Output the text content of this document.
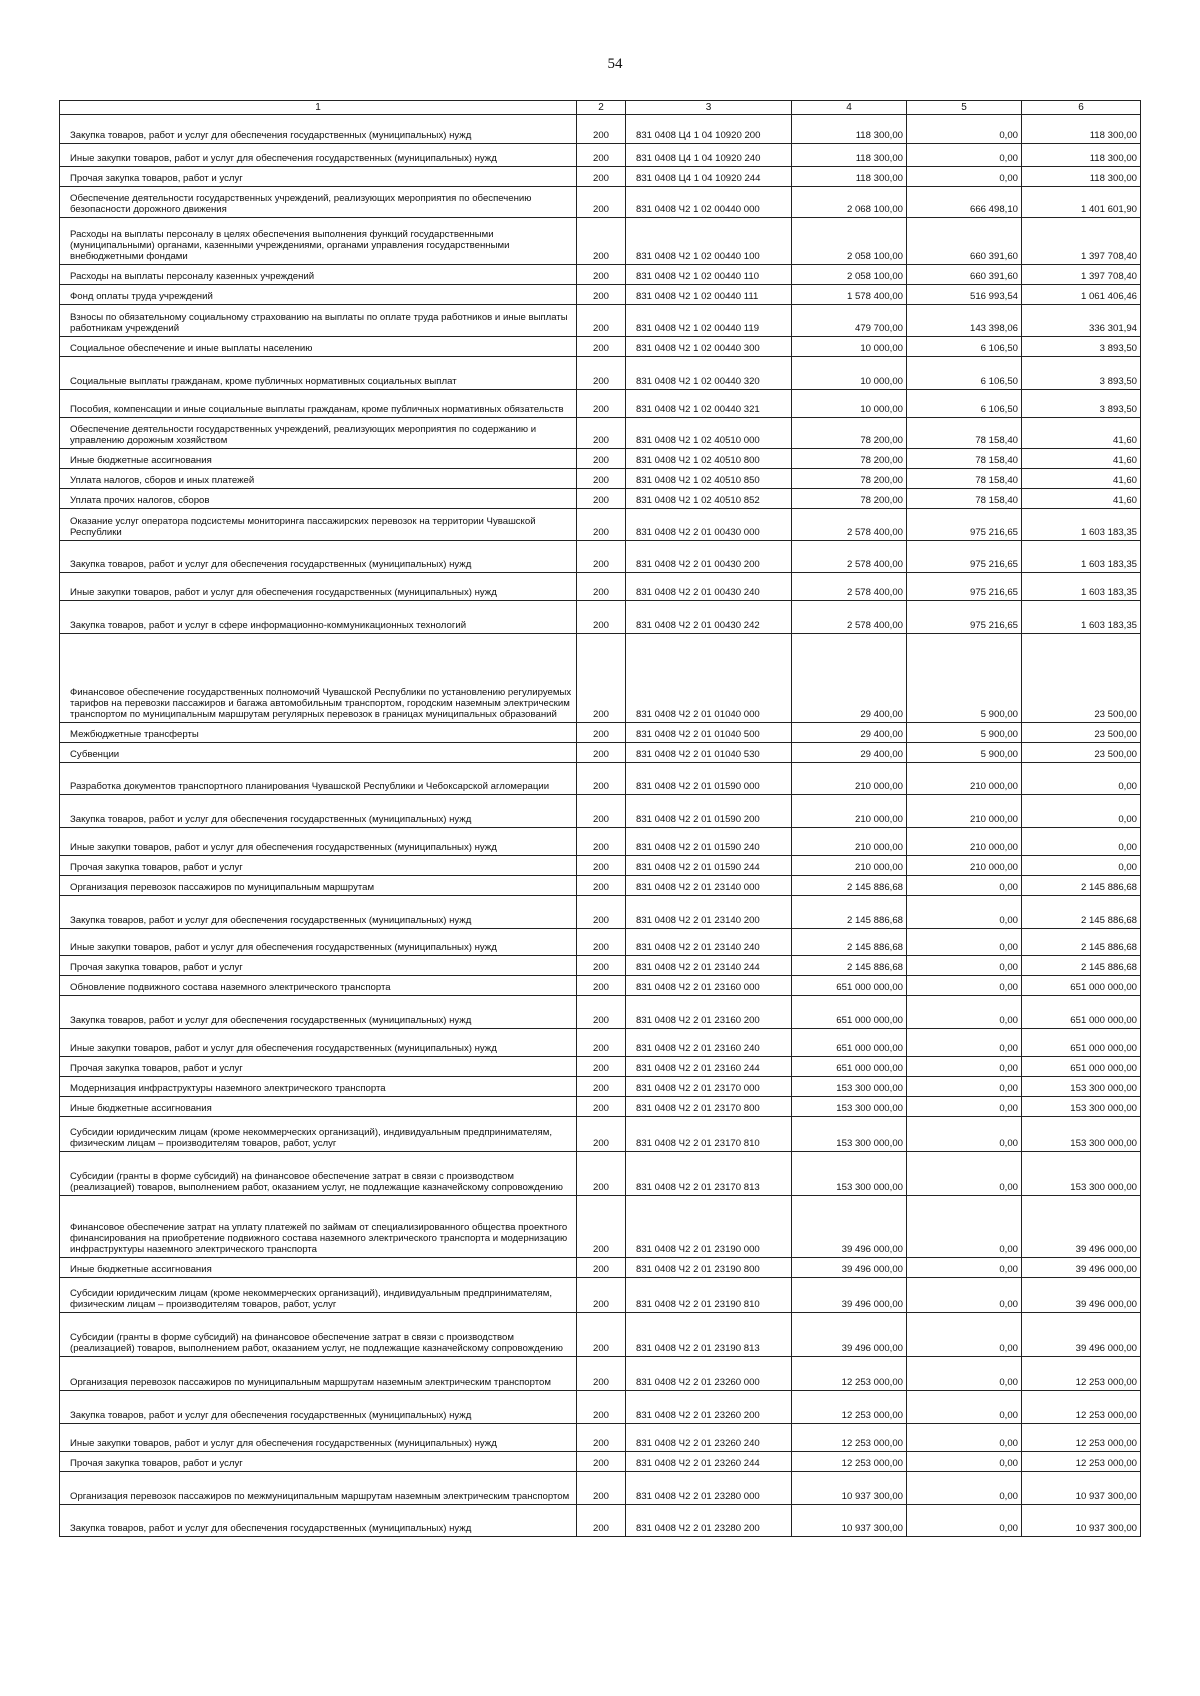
54
1	2	3	4	5	6
Закупка товаров, работ и услуг для обеспечения государственных (муниципальных) нужд	200	831 0408 Ц4 1 04 10920 200	118 300,00	0,00	118 300,00
Иные закупки товаров, работ и услуг для обеспечения государственных (муниципальных) нужд	200	831 0408 Ц4 1 04 10920 240	118 300,00	0,00	118 300,00
Прочая закупка товаров, работ и услуг	200	831 0408 Ц4 1 04 10920 244	118 300,00	0,00	118 300,00
Обеспечение деятельности государственных учреждений, реализующих мероприятия по обеспечению безопасности дорожного движения	200	831 0408 Ч2 1 02 00440 000	2 068 100,00	666 498,10	1 401 601,90
Расходы на выплаты персоналу в целях обеспечения выполнения функций государственными (муниципальными) органами, казенными учреждениями, органами управления государственными внебюджетными фондами	200	831 0408 Ч2 1 02 00440 100	2 058 100,00	660 391,60	1 397 708,40
Расходы на выплаты персоналу казенных учреждений	200	831 0408 Ч2 1 02 00440 110	2 058 100,00	660 391,60	1 397 708,40
Фонд оплаты труда учреждений	200	831 0408 Ч2 1 02 00440 111	1 578 400,00	516 993,54	1 061 406,46
Взносы по обязательному социальному страхованию на выплаты по оплате труда работников и иные выплаты работникам учреждений	200	831 0408 Ч2 1 02 00440 119	479 700,00	143 398,06	336 301,94
Социальное обеспечение и иные выплаты населению	200	831 0408 Ч2 1 02 00440 300	10 000,00	6 106,50	3 893,50
Социальные выплаты гражданам, кроме публичных нормативных социальных выплат	200	831 0408 Ч2 1 02 00440 320	10 000,00	6 106,50	3 893,50
Пособия, компенсации и иные социальные выплаты гражданам, кроме публичных нормативных обязательств	200	831 0408 Ч2 1 02 00440 321	10 000,00	6 106,50	3 893,50
Обеспечение деятельности государственных учреждений, реализующих мероприятия по содержанию и управлению дорожным хозяйством	200	831 0408 Ч2 1 02 40510 000	78 200,00	78 158,40	41,60
Иные бюджетные ассигнования	200	831 0408 Ч2 1 02 40510 800	78 200,00	78 158,40	41,60
Уплата налогов, сборов и иных платежей	200	831 0408 Ч2 1 02 40510 850	78 200,00	78 158,40	41,60
Уплата прочих налогов, сборов	200	831 0408 Ч2 1 02 40510 852	78 200,00	78 158,40	41,60
Оказание услуг оператора подсистемы мониторинга пассажирских перевозок на территории Чувашской Республики	200	831 0408 Ч2 2 01 00430 000	2 578 400,00	975 216,65	1 603 183,35
Закупка товаров, работ и услуг для обеспечения государственных (муниципальных) нужд	200	831 0408 Ч2 2 01 00430 200	2 578 400,00	975 216,65	1 603 183,35
Иные закупки товаров, работ и услуг для обеспечения государственных (муниципальных) нужд	200	831 0408 Ч2 2 01 00430 240	2 578 400,00	975 216,65	1 603 183,35
Закупка товаров, работ и услуг в сфере информационно-коммуникационных технологий	200	831 0408 Ч2 2 01 00430 242	2 578 400,00	975 216,65	1 603 183,35
Финансовое обеспечение государственных полномочий Чувашской Республики по установлению регулируемых тарифов на перевозки пассажиров и багажа автомобильным транспортом, городским наземным электрическим транспортом по муниципальным маршрутам регулярных перевозок в границах муниципальных образований	200	831 0408 Ч2 2 01 01040 000	29 400,00	5 900,00	23 500,00
Межбюджетные трансферты	200	831 0408 Ч2 2 01 01040 500	29 400,00	5 900,00	23 500,00
Субвенции	200	831 0408 Ч2 2 01 01040 530	29 400,00	5 900,00	23 500,00
Разработка документов транспортного планирования Чувашской Республики и Чебоксарской агломерации	200	831 0408 Ч2 2 01 01590 000	210 000,00	210 000,00	0,00
Закупка товаров, работ и услуг для обеспечения государственных (муниципальных) нужд	200	831 0408 Ч2 2 01 01590 200	210 000,00	210 000,00	0,00
Иные закупки товаров, работ и услуг для обеспечения государственных (муниципальных) нужд	200	831 0408 Ч2 2 01 01590 240	210 000,00	210 000,00	0,00
Прочая закупка товаров, работ и услуг	200	831 0408 Ч2 2 01 01590 244	210 000,00	210 000,00	0,00
Организация перевозок пассажиров по муниципальным маршрутам	200	831 0408 Ч2 2 01 23140 000	2 145 886,68	0,00	2 145 886,68
Закупка товаров, работ и услуг для обеспечения государственных (муниципальных) нужд	200	831 0408 Ч2 2 01 23140 200	2 145 886,68	0,00	2 145 886,68
Иные закупки товаров, работ и услуг для обеспечения государственных (муниципальных) нужд	200	831 0408 Ч2 2 01 23140 240	2 145 886,68	0,00	2 145 886,68
Прочая закупка товаров, работ и услуг	200	831 0408 Ч2 2 01 23140 244	2 145 886,68	0,00	2 145 886,68
Обновление подвижного состава наземного электрического транспорта	200	831 0408 Ч2 2 01 23160 000	651 000 000,00	0,00	651 000 000,00
Закупка товаров, работ и услуг для обеспечения государственных (муниципальных) нужд	200	831 0408 Ч2 2 01 23160 200	651 000 000,00	0,00	651 000 000,00
Иные закупки товаров, работ и услуг для обеспечения государственных (муниципальных) нужд	200	831 0408 Ч2 2 01 23160 240	651 000 000,00	0,00	651 000 000,00
Прочая закупка товаров, работ и услуг	200	831 0408 Ч2 2 01 23160 244	651 000 000,00	0,00	651 000 000,00
Модернизация инфраструктуры наземного электрического транспорта	200	831 0408 Ч2 2 01 23170 000	153 300 000,00	0,00	153 300 000,00
Иные бюджетные ассигнования	200	831 0408 Ч2 2 01 23170 800	153 300 000,00	0,00	153 300 000,00
Субсидии юридическим лицам (кроме некоммерческих организаций), индивидуальным предпринимателям, физическим лицам – производителям товаров, работ, услуг	200	831 0408 Ч2 2 01 23170 810	153 300 000,00	0,00	153 300 000,00
Субсидии (гранты в форме субсидий) на финансовое обеспечение затрат в связи с производством (реализацией) товаров, выполнением работ, оказанием услуг, не подлежащие казначейскому сопровождению	200	831 0408 Ч2 2 01 23170 813	153 300 000,00	0,00	153 300 000,00
Финансовое обеспечение затрат на уплату платежей по займам от специализированного общества проектного финансирования на приобретение подвижного состава наземного электрического транспорта и модернизацию инфраструктуры наземного электрического транспорта	200	831 0408 Ч2 2 01 23190 000	39 496 000,00	0,00	39 496 000,00
Иные бюджетные ассигнования	200	831 0408 Ч2 2 01 23190 800	39 496 000,00	0,00	39 496 000,00
Субсидии юридическим лицам (кроме некоммерческих организаций), индивидуальным предпринимателям, физическим лицам – производителям товаров, работ, услуг	200	831 0408 Ч2 2 01 23190 810	39 496 000,00	0,00	39 496 000,00
Субсидии (гранты в форме субсидий) на финансовое обеспечение затрат в связи с производством (реализацией) товаров, выполнением работ, оказанием услуг, не подлежащие казначейскому сопровождению	200	831 0408 Ч2 2 01 23190 813	39 496 000,00	0,00	39 496 000,00
Организация перевозок пассажиров по муниципальным маршрутам наземным электрическим транспортом	200	831 0408 Ч2 2 01 23260 000	12 253 000,00	0,00	12 253 000,00
Закупка товаров, работ и услуг для обеспечения государственных (муниципальных) нужд	200	831 0408 Ч2 2 01 23260 200	12 253 000,00	0,00	12 253 000,00
Иные закупки товаров, работ и услуг для обеспечения государственных (муниципальных) нужд	200	831 0408 Ч2 2 01 23260 240	12 253 000,00	0,00	12 253 000,00
Прочая закупка товаров, работ и услуг	200	831 0408 Ч2 2 01 23260 244	12 253 000,00	0,00	12 253 000,00
Организация перевозок пассажиров по межмуниципальным маршрутам наземным электрическим транспортом	200	831 0408 Ч2 2 01 23280 000	10 937 300,00	0,00	10 937 300,00
Закупка товаров, работ и услуг для обеспечения государственных (муниципальных) нужд	200	831 0408 Ч2 2 01 23280 200	10 937 300,00	0,00	10 937 300,00
